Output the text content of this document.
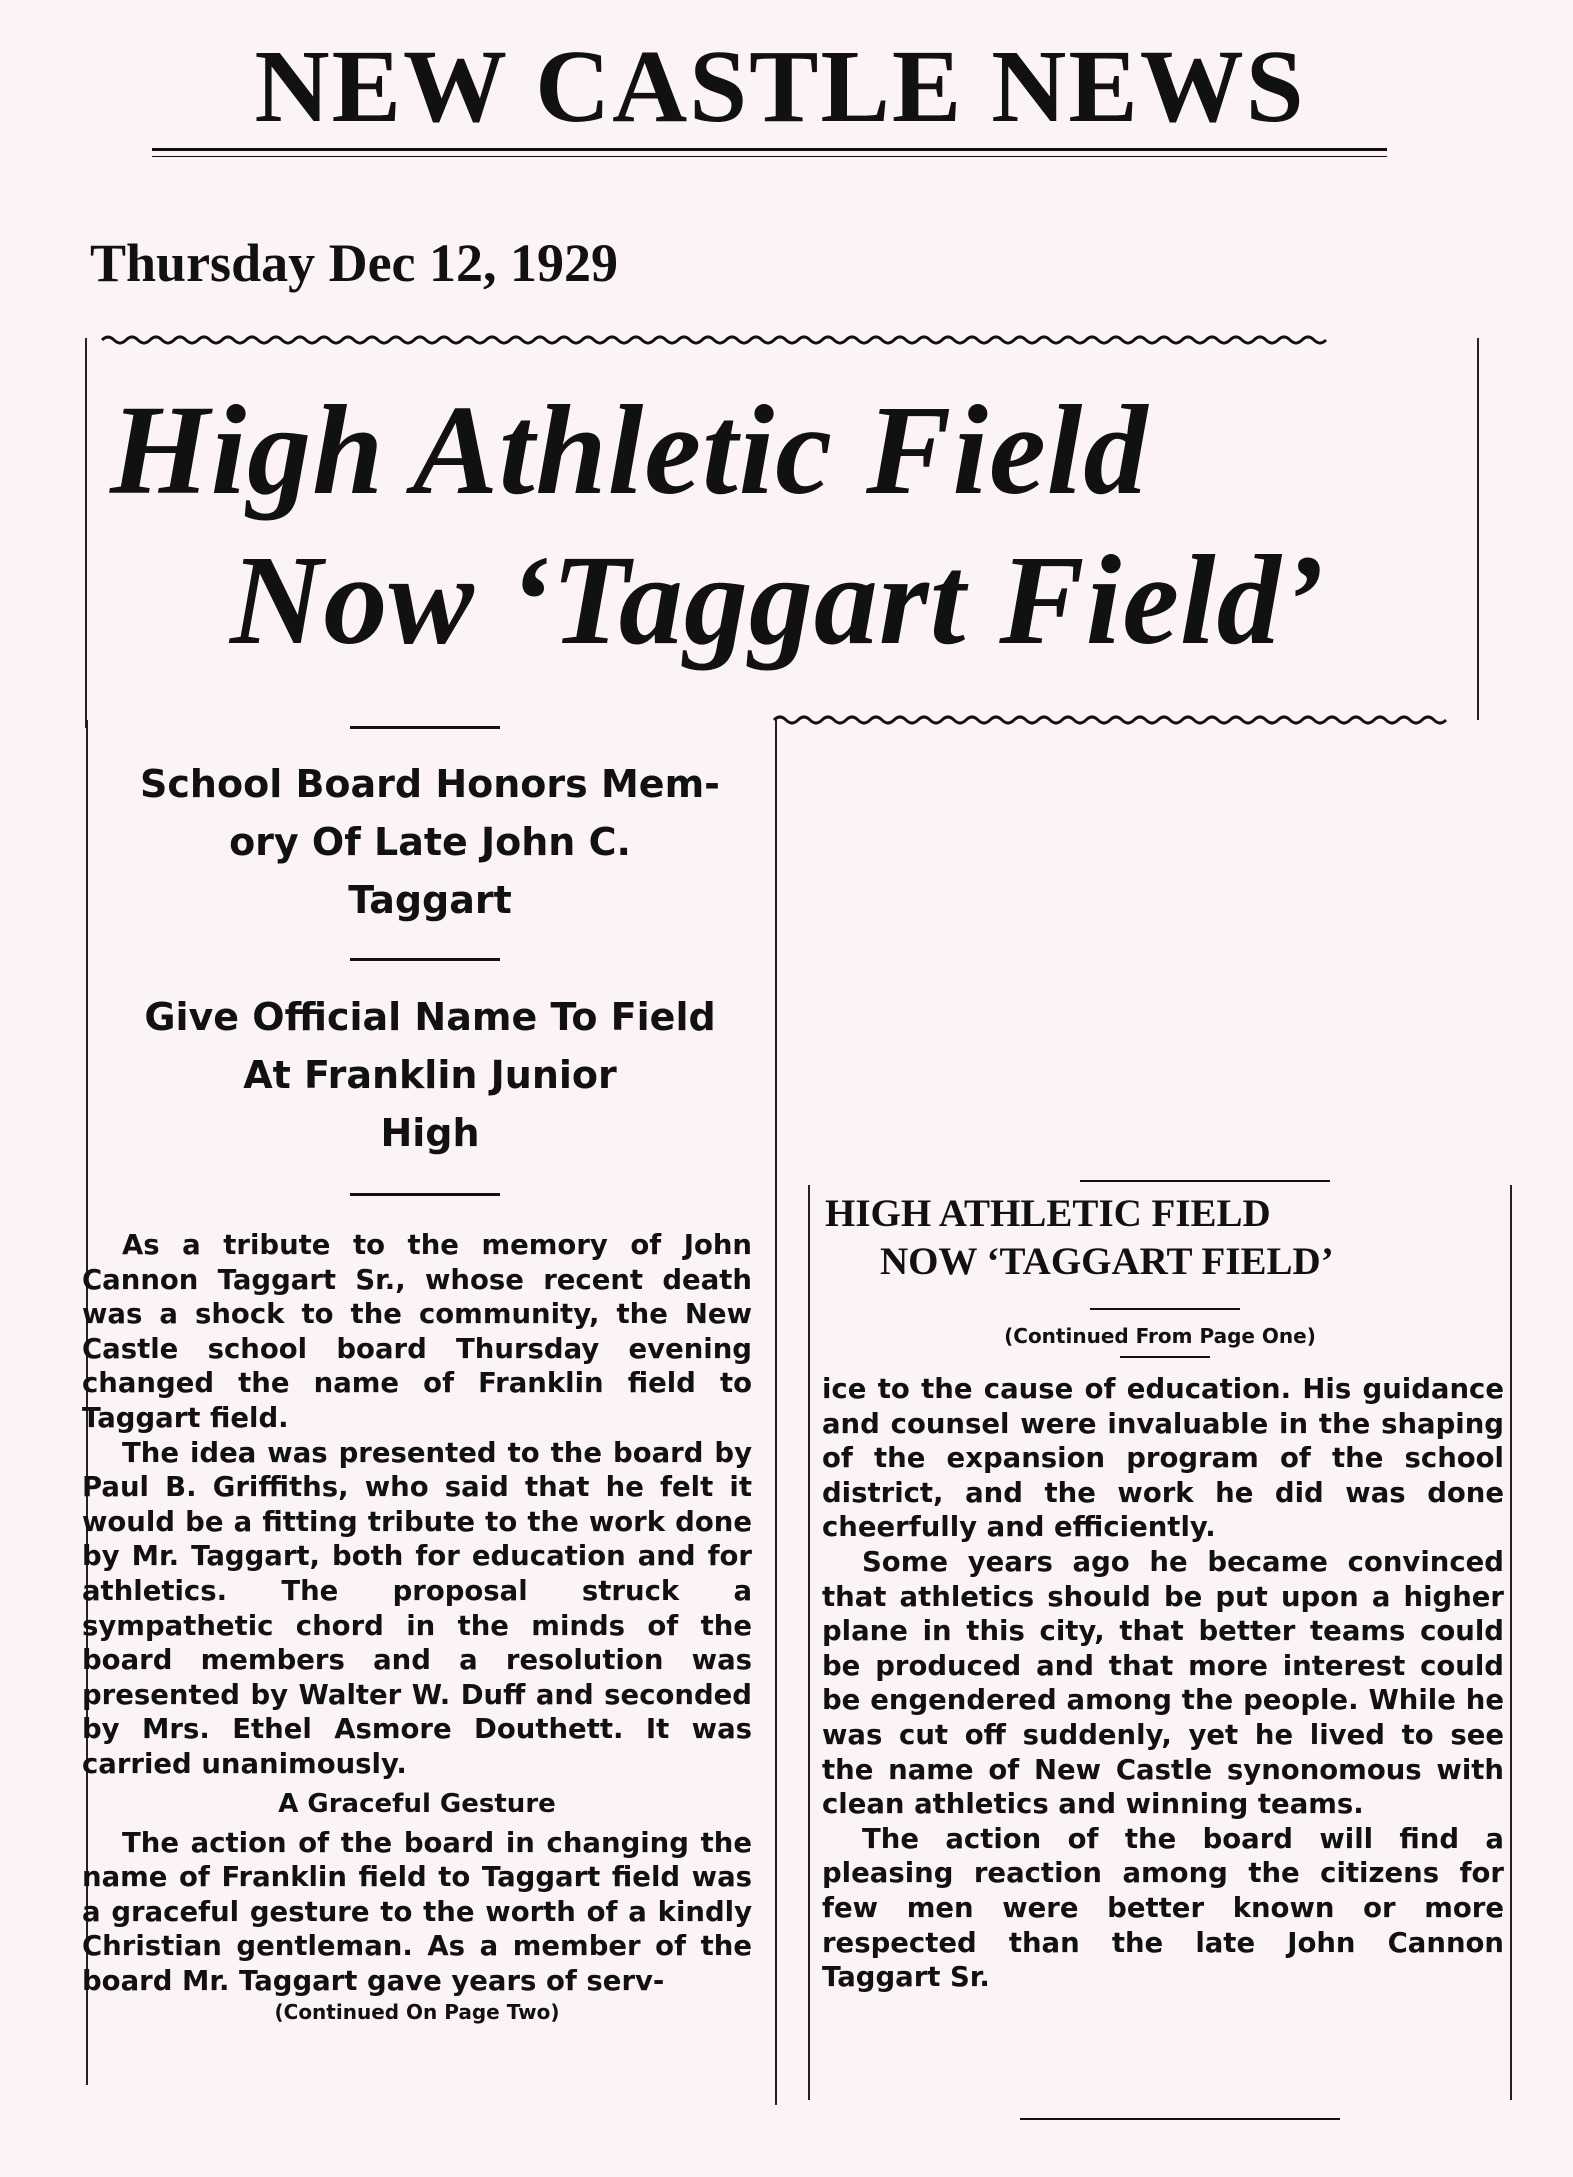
NEW CASTLE NEWS
Thursday Dec 12, 1929
High Athletic Field
Now ‘Taggart Field’
School Board Honors Mem-
ory Of Late John C.
Taggart
Give Official Name To Field
At Franklin Junior
High

As a tribute to the memory of John Cannon Taggart Sr., whose recent death was a shock to the community, the New Castle school board Thursday evening changed the name of Franklin field to Taggart field.

The idea was presented to the board by Paul B. Griffiths, who said that he felt it would be a fitting tribute to the work done by Mr. Taggart, both for education and for athletics. The proposal struck a sympathetic chord in the minds of the board members and a resolution was presented by Walter W. Duff and seconded by Mrs. Ethel Asmore Douthett. It was carried unanimously.

A Graceful Gesture

The action of the board in changing the name of Franklin field to Taggart field was a graceful gesture to the worth of a kindly Christian gentleman. As a member of the board Mr. Taggart gave years of serv-

(Continued On Page Two)
HIGH ATHLETIC FIELD
NOW ‘TAGGART FIELD’
(Continued From Page One)

ice to the cause of education. His guidance and counsel were invaluable in the shaping of the expansion program of the school district, and the work he did was done cheerfully and efficiently.

Some years ago he became convinced that athletics should be put upon a higher plane in this city, that better teams could be produced and that more interest could be engendered among the people. While he was cut off suddenly, yet he lived to see the name of New Castle synonomous with clean athletics and winning teams.

The action of the board will find a pleasing reaction among the citizens for few men were better known or more respected than the late John Cannon Taggart Sr.
